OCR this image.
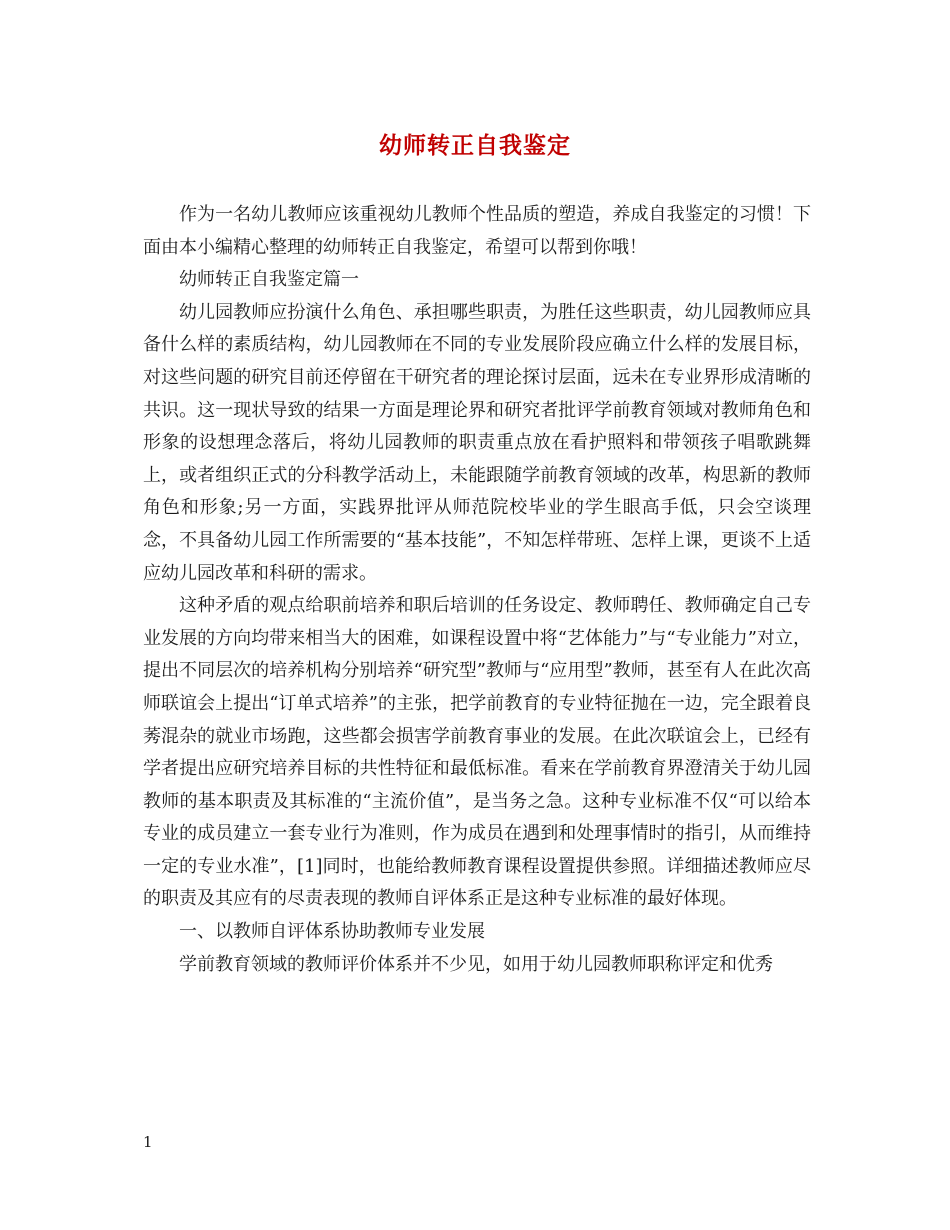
幼师转正自我鉴定

作为一名幼儿教师应该重视幼儿教师个性品质的塑造，养成自我鉴定的习惯！下面由本小编精心整理的幼师转正自我鉴定，希望可以帮到你哦！

幼师转正自我鉴定篇一

幼儿园教师应扮演什么角色、承担哪些职责，为胜任这些职责，幼儿园教师应具备什么样的素质结构，幼儿园教师在不同的专业发展阶段应确立什么样的发展目标，对这些问题的研究目前还停留在干研究者的理论探讨层面，远未在专业界形成清晰的共识。这一现状导致的结果一方面是理论界和研究者批评学前教育领域对教师角色和形象的设想理念落后，将幼儿园教师的职责重点放在看护照料和带领孩子唱歌跳舞上，或者组织正式的分科教学活动上，未能跟随学前教育领域的改革，构思新的教师角色和形象;另一方面，实践界批评从师范院校毕业的学生眼高手低，只会空谈理念，不具备幼儿园工作所需要的“基本技能”，不知怎样带班、怎样上课，更谈不上适应幼儿园改革和科研的需求。

这种矛盾的观点给职前培养和职后培训的任务设定、教师聘任、教师确定自己专业发展的方向均带来相当大的困难，如课程设置中将“艺体能力”与“专业能力”对立，提出不同层次的培养机构分别培养“研究型”教师与“应用型”教师，甚至有人在此次高师联谊会上提出“订单式培养”的主张，把学前教育的专业特征抛在一边，完全跟着良莠混杂的就业市场跑，这些都会损害学前教育事业的发展。在此次联谊会上，已经有学者提出应研究培养目标的共性特征和最低标准。看来在学前教育界澄清关于幼儿园教师的基本职责及其标准的“主流价值”，是当务之急。这种专业标准不仅“可以给本专业的成员建立一套专业行为准则，作为成员在遇到和处理事情时的指引，从而维持一定的专业水准”，[1]同时，也能给教师教育课程设置提供参照。详细描述教师应尽的职责及其应有的尽责表现的教师自评体系正是这种专业标准的最好体现。

一、以教师自评体系协助教师专业发展

学前教育领域的教师评价体系并不少见，如用于幼儿园教师职称评定和优秀

1
